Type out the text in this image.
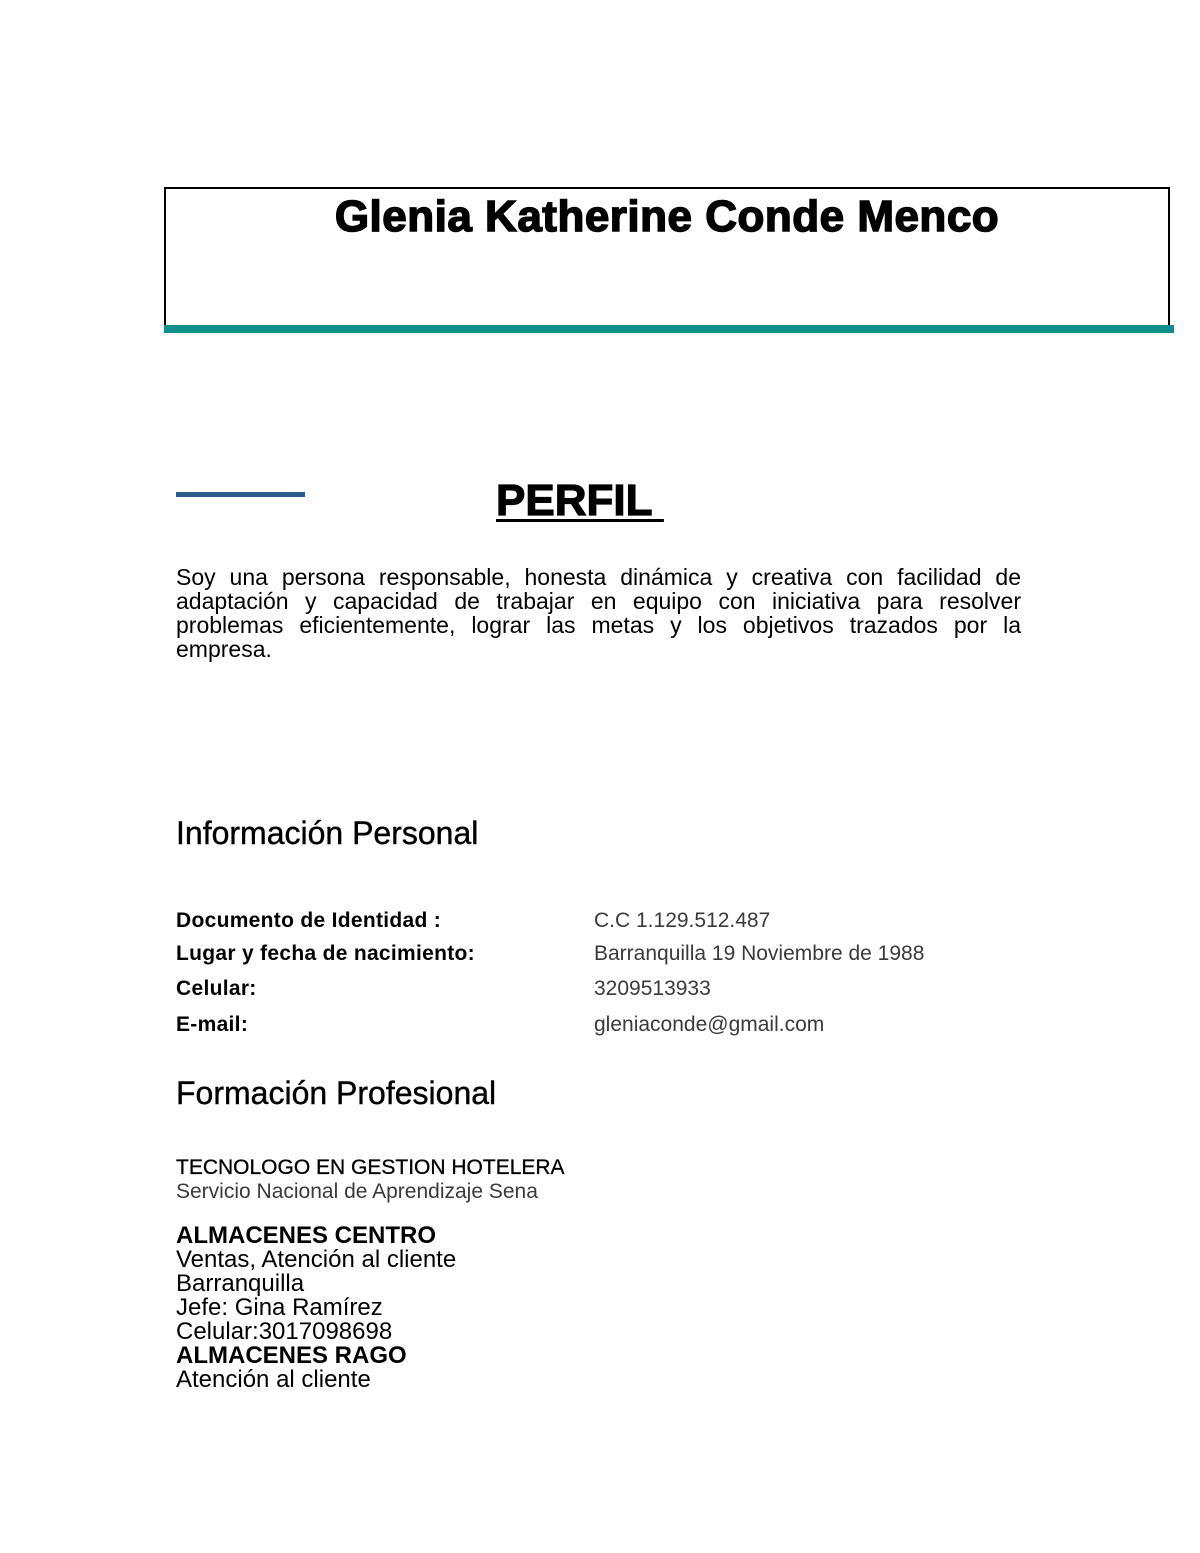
Glenia Katherine Conde Menco
PERFIL
Soy una persona responsable, honesta dinámica y creativa con facilidad de adaptación y capacidad de trabajar en equipo con iniciativa para resolver problemas eficientemente, lograr las metas y los objetivos trazados por la empresa.
Información Personal
Documento de Identidad :	C.C 1.129.512.487
Lugar y fecha de nacimiento:	Barranquilla 19 Noviembre de 1988
Celular:	3209513933
E-mail:	gleniaconde@gmail.com
Formación Profesional
TECNOLOGO EN GESTION HOTELERA
Servicio Nacional de Aprendizaje Sena
ALMACENES CENTRO
Ventas, Atención al cliente
Barranquilla
Jefe: Gina Ramírez
Celular:3017098698
ALMACENES RAGO
Atención al cliente
